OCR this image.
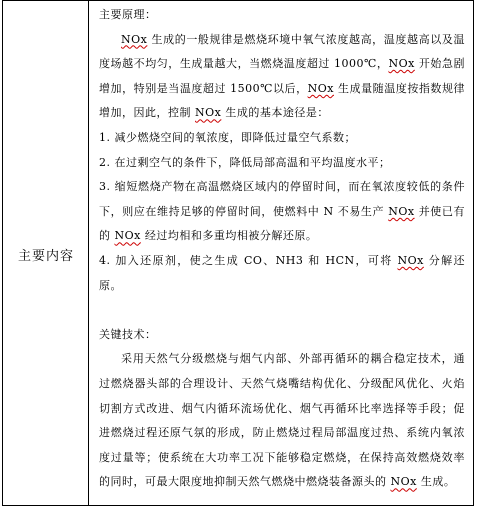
主要内容

主要原理：

NOx 生成的一般规律是燃烧环境中氧气浓度越高，温度越高以及温度场越不均匀，生成量越大，当燃烧温度超过 1000℃，NOx 开始急剧增加，特别是当温度超过 1500℃以后，NOx 生成量随温度按指数规律增加，因此，控制 NOx 生成的基本途径是：

1. 减少燃烧空间的氧浓度，即降低过量空气系数；

2. 在过剩空气的条件下，降低局部高温和平均温度水平；

3. 缩短燃烧产物在高温燃烧区域内的停留时间，而在氧浓度较低的条件下，则应在维持足够的停留时间，使燃料中 N 不易生产 NOx 并使已有的 NOx 经过均相和多重均相被分解还原。

4. 加入还原剂，使之生成 CO、NH3 和 HCN，可将 NOx 分解还原。

关键技术：

采用天然气分级燃烧与烟气内部、外部再循环的耦合稳定技术，通过燃烧器头部的合理设计、天然气烧嘴结构优化、分级配风优化、火焰切割方式改进、烟气内循环流场优化、烟气再循环比率选择等手段；促进燃烧过程还原气氛的形成，防止燃烧过程局部温度过热、系统内氧浓度过量等；使系统在大功率工况下能够稳定燃烧，在保持高效燃烧效率的同时，可最大限度地抑制天然气燃烧中燃烧装备源头的 NOx 生成。
